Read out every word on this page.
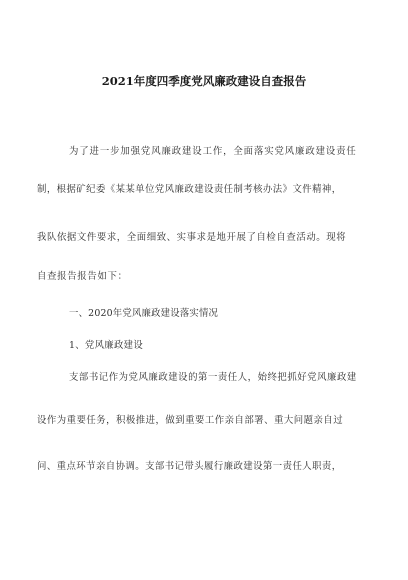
2021年度四季度党风廉政建设自查报告
为了进一步加强党风廉政建设工作，全面落实党风廉政建设责任
制，根据矿纪委《某某单位党风廉政建设责任制考核办法》文件精神，
我队依据文件要求，全面细致、实事求是地开展了自检自查活动。现将
自查报告报告如下：
一、2020年党风廉政建设落实情况
1、党风廉政建设
支部书记作为党风廉政建设的第一责任人，始终把抓好党风廉政建
设作为重要任务，积极推进，做到重要工作亲自部署、重大问题亲自过
问、重点环节亲自协调。支部书记带头履行廉政建设第一责任人职责，
